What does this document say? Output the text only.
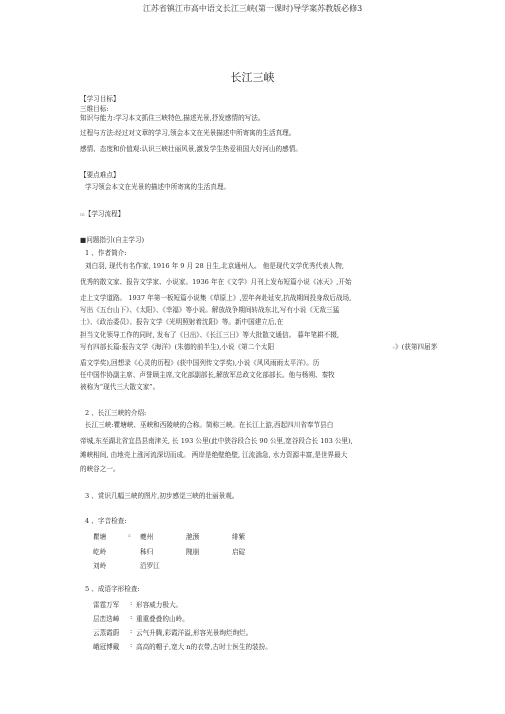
江苏省镇江市高中语文长江三峡(第一课时)导学案苏教版必修3
长江三峡
【学习目标】
三维目标:
知识与能力:学习本文抓住三峡特色,描述光景,抒发感情的写法。
过程与方法:经过对文章的学习,领会本文在光景描述中所寄寓的生活真理。
感情、态度和价值观:认识三峡壮丽风景,激发学生热爱祖国大好河山的感情。
【要点难点】
学习领会本文在光景的描述中所寄寓的生活真理。
m【学习流程】
■问题指引(自主学习)
1 、作者简介:
刘白羽, 现代有名作家, 1916 年 9 月 28 日生,北京通州人。 他是现代文学优秀代表人物,
优秀的散文家、报告文学家、小说家。1936 年在《文学》月刊上发布短篇小说《冰天》,开始
走上文学道路。 1937 年第一板短篇小说集《草原上》,翌年奔赴延安,抗战期间投身敌后战场,
写出《五台山下》、《太阳》、《幸福》等小说。解放战争期间转战东北,写有小说《无敌三猛
士》、《政治委员》、报告文学《光明照射着沈阳》等。新中国建立后,在
担当文化领导工作的同时, 发布了《日出》、《长江三日》等大批散文通信。 暮年笔耕不辍,
写有四部长篇:报告文学《海洋》(朱德的前半生),小说《第二个太阳	»》(获第四届茅
盾文学奖),回想录《心灵的历程》(获中国列传文学奖),小说《风风雨雨太平洋》。历
任中国作协副主席、声誉顾主席,文化部副部长,解放军总政文化部部长。他与杨朔、秦牧
被称为“现代三大散文家”。
2 、长江三峡的介绍:
长江三峡:瞿塘峡、巫峡和西陵峡的合称。简称三峡。在长江上游,西起四川省奉节县白
帝城,东至湖北省宜昌县南津关, 长 193 公里(此中狭谷段合长 90 公里,宽谷段合长 103 公里),
滩峡相间, 由地壳上涨河流深切而成。 两岸是绝壁绝壁, 江流湍急, 水力资源丰富,是世界最大
的峡谷之一。
3 、赏识几幅三峡的图片,初步感觉三峡的壮丽景观。
4 、字音检查:
瞿塘	x 夔州	滟滪	绯紫
屹岭	秭归	隗崩	启碇
刘岭	沿罗江
5 、成语字形检查:
雷霆万军 : 形容威力极大。
层峦迭嶂 : 重重叠叠的山岭。
云蒸霞蔚 : 云气升腾,彩霞洋溢,形容光景绚烂绚烂。
峨冠博戴 : 高高的帽子,宽大 n的衣带,古时士医生的装扮。
